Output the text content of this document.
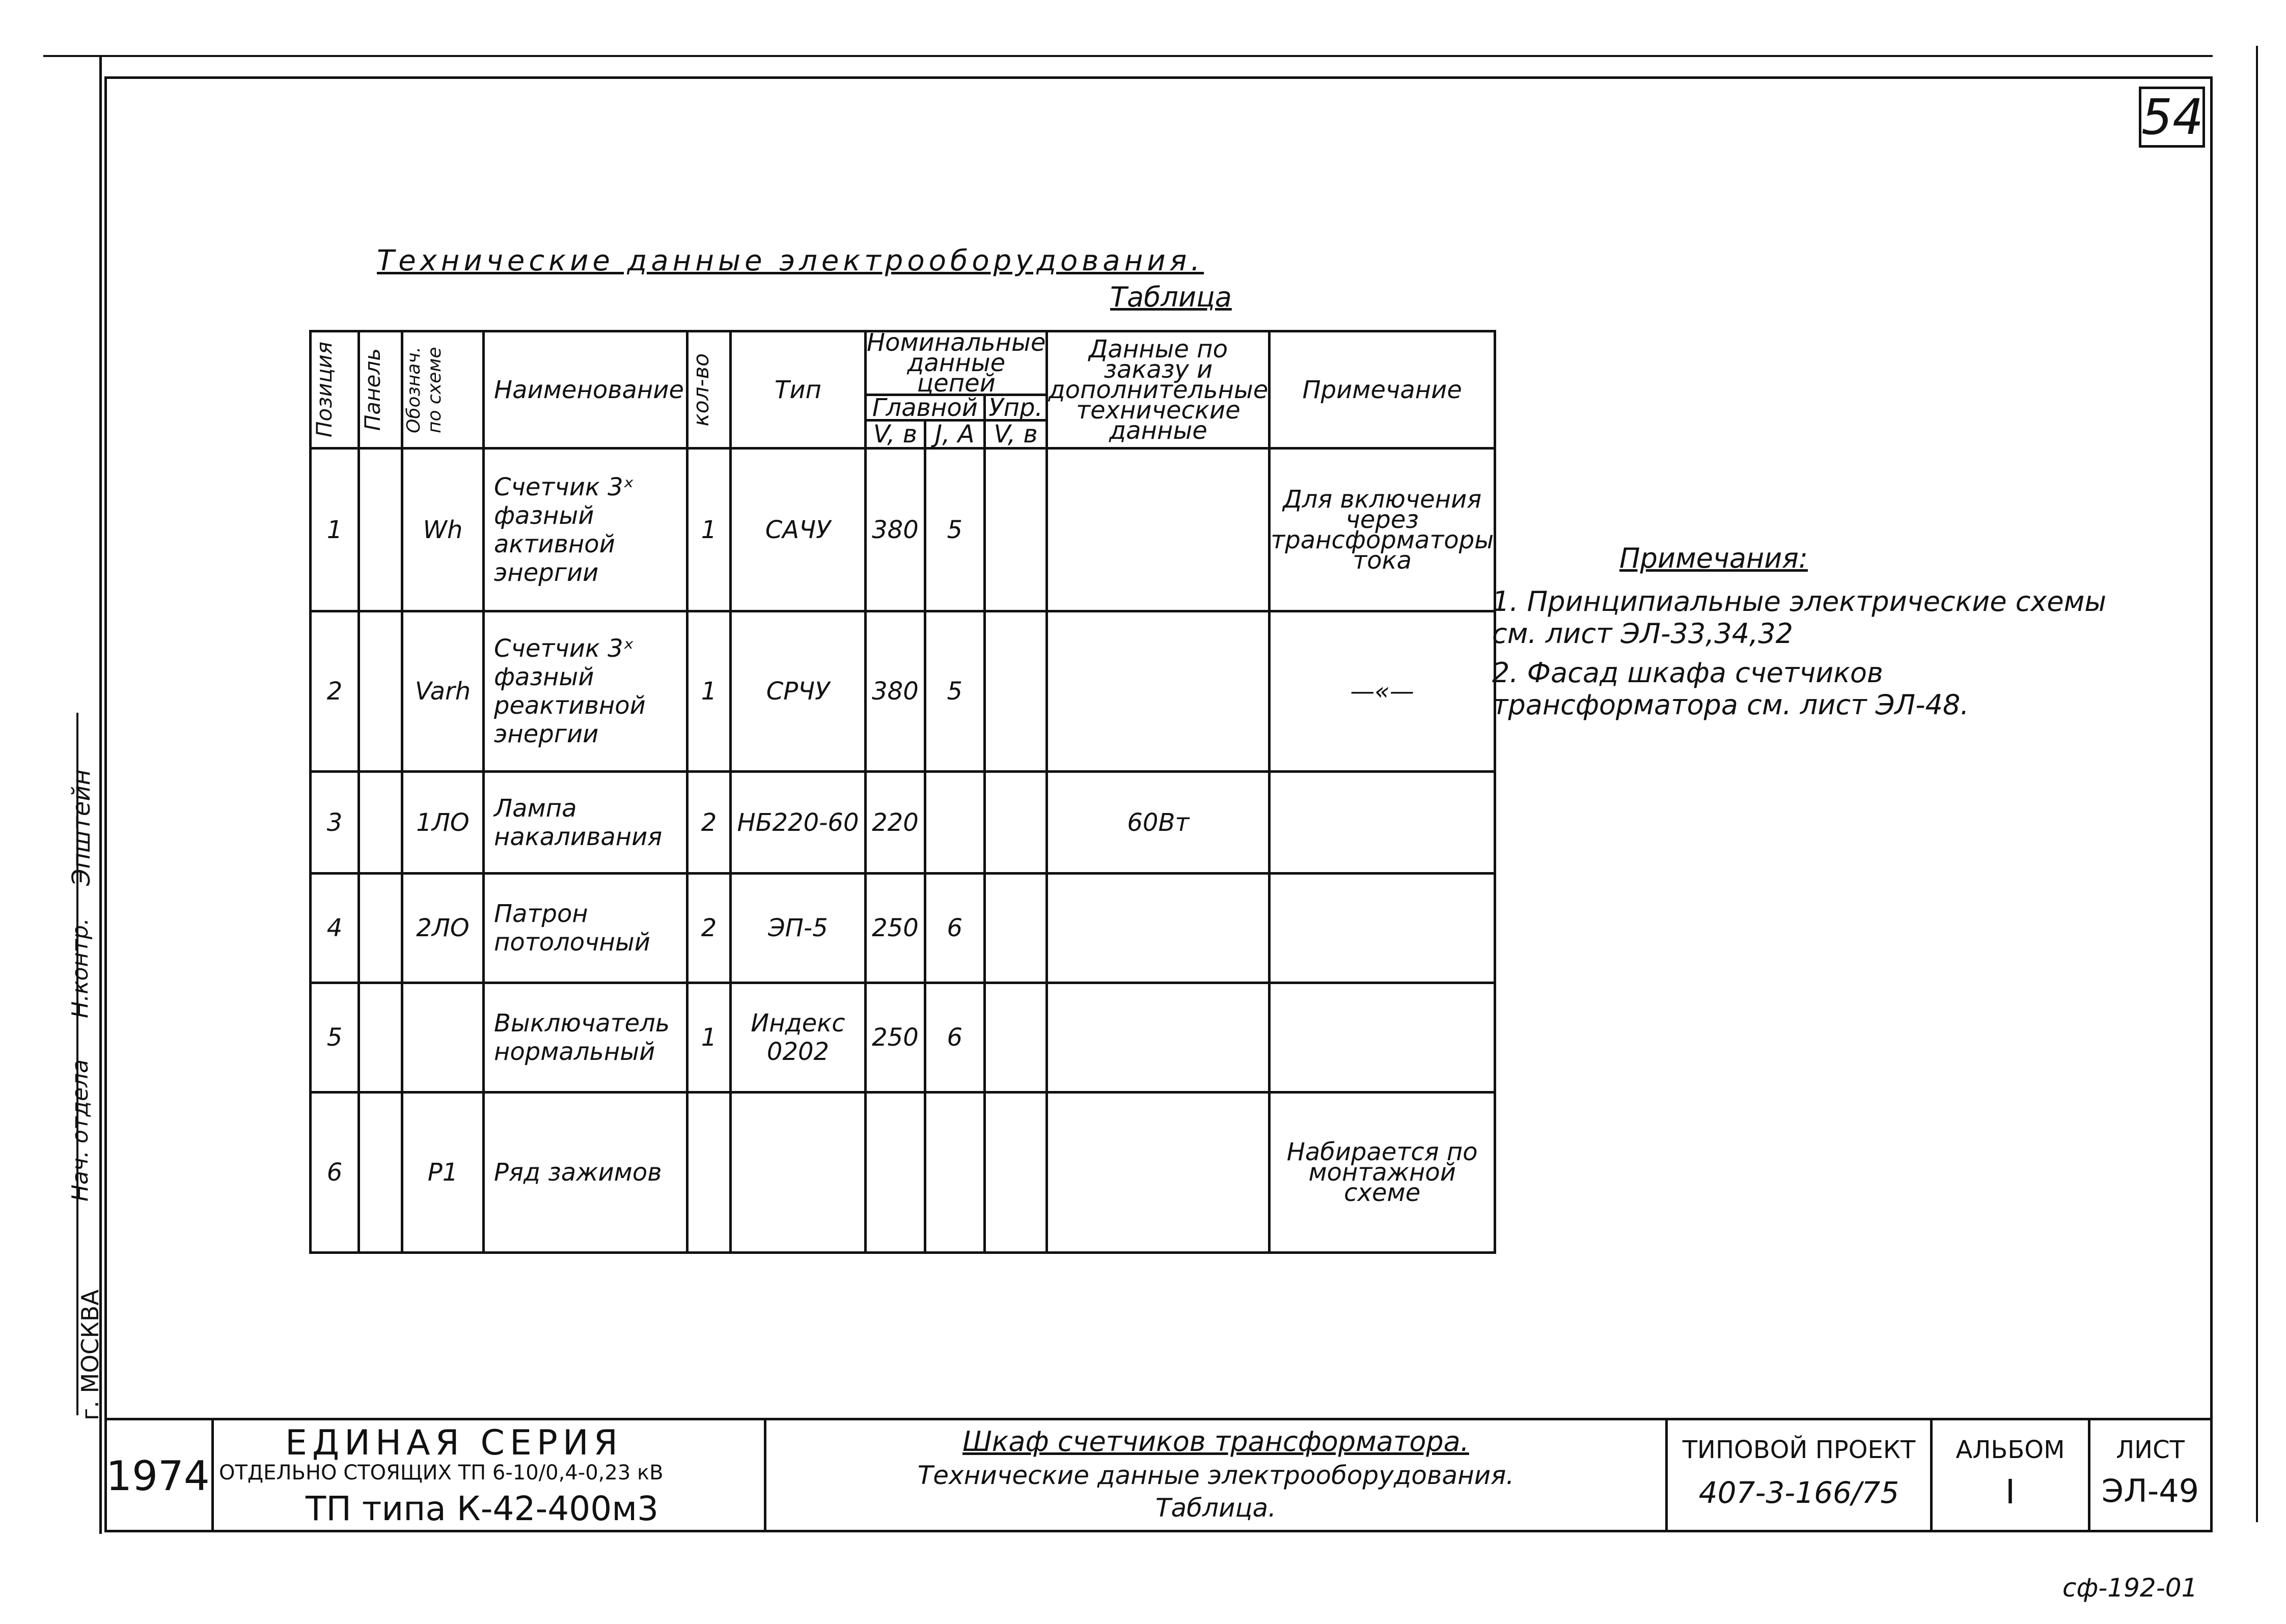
Эпштейн
Н.контр.
Нач. отдела
г. МОСКВА
54
Технические данные электрооборудования.
Таблица
Позиция	Панель	Обознач. по схеме	Наименование	кол-во	Тип	Номинальные данные цепей			Данные по заказу и дополнительные технические данные	Примечание
						Главной		Упр.		
						V, в	J, А	V, в		
1		Wh	Счетчик 3ˣ фазный активной энергии	1	САЧУ	380	5			Для включения через трансформаторы тока
2		Varh	Счетчик 3ˣ фазный реактивной энергии	1	СРЧУ	380	5			—«—
3		1ЛО	Лампа накаливания	2	НБ220-60	220			60Вт	
4		2ЛО	Патрон потолочный	2	ЭП-5	250	6			
5			Выключатель нормальный	1	Индекс 0202	250	6			
6		Р1	Ряд зажимов							Набирается по монтажной схеме
Примечания:
1. Принципиальные электрические схемы см. лист ЭЛ-33,34,32
2. Фасад шкафа счетчиков трансформатора см. лист ЭЛ-48.
1974
ЕДИНАЯ СЕРИЯ
ОТДЕЛЬНО СТОЯЩИХ ТП 6-10/0,4-0,23 кВ
ТП типа К-42-400м3
Шкаф счетчиков трансформатора.
Технические данные электрооборудования.
Таблица.
ТИПОВОЙ ПРОЕКТ
407-3-166/75
АЛЬБОМ
I
ЛИСТ
ЭЛ-49
сф-192-01
